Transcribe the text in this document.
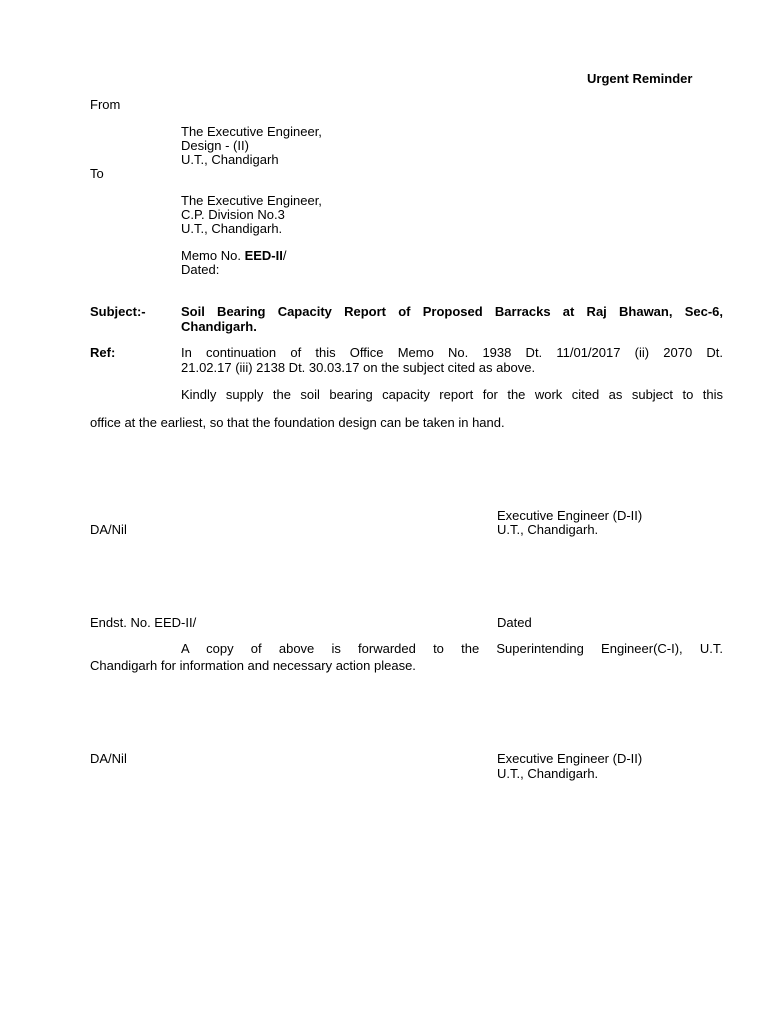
Urgent Reminder
From
The Executive Engineer,
Design - (II)
U.T., Chandigarh
To
The Executive Engineer,
C.P. Division No.3
U.T., Chandigarh.
Memo No. EED-II/
Dated:
Subject:-	Soil Bearing Capacity Report of Proposed Barracks at Raj Bhawan, Sec-6,
Chandigarh.
Ref:	In continuation of this Office Memo No. 1938 Dt. 11/01/2017 (ii) 2070 Dt.
21.02.17 (iii) 2138 Dt. 30.03.17 on the subject cited as above.
Kindly supply the soil bearing capacity report for the work cited as subject to this
office at the earliest, so that the foundation design can be taken in hand.
Executive Engineer (D-II)
DA/Nil	U.T., Chandigarh.
Endst. No. EED-II/	Dated
A copy of above is forwarded to the Superintending Engineer(C-I), U.T.
Chandigarh for information and necessary action please.
DA/Nil	Executive Engineer (D-II)
U.T., Chandigarh.
